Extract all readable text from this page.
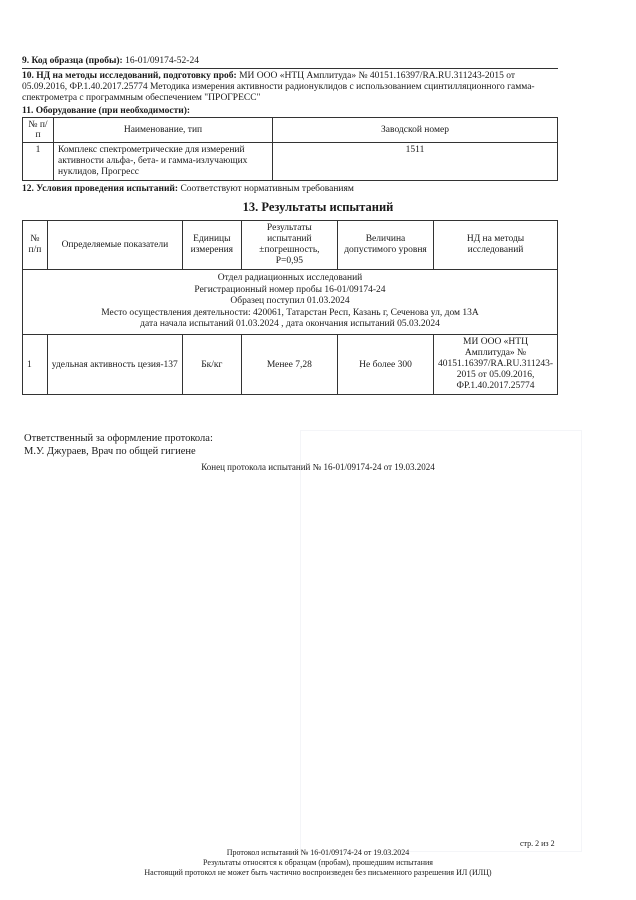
9. Код образца (пробы): 16-01/09174-52-24
10. НД на методы исследований, подготовку проб: МИ ООО «НТЦ Амплитуда» № 40151.16397/RA.RU.311243-2015 от 05.09.2016, ФР.1.40.2017.25774 Методика измерения активности радионуклидов с использованием сцинтилляционного гамма-спектрометра с программным обеспечением "ПРОГРЕСС"
11. Оборудование (при необходимости):
№ п/п	Наименование, тип	Заводской номер
1	Комплекс спектрометрические для измерений активности альфа-, бета- и гамма-излучающих нуклидов, Прогресс	1511
12. Условия проведения испытаний: Соответствуют нормативным требованиям
13. Результаты испытаний
№ п/п	Определяемые показатели	Единицы измерения	Результаты испытаний ±погрешность, P=0,95	Величина допустимого уровня	НД на методы исследований

Отдел радиационных исследований
Регистрационный номер пробы 16-01/09174-24
Образец поступил 01.03.2024
Место осуществления деятельности: 420061, Татарстан Респ, Казань г, Сеченова ул, дом 13А
дата начала испытаний 01.03.2024 , дата окончания испытаний 05.03.2024					

1	удельная активность цезия-137	Бк/кг	Менее 7,28	Не более 300	МИ ООО «НТЦ Амплитуда» № 40151.16397/RA.RU.311243-2015 от 05.09.2016, ФР.1.40.2017.25774
Ответственный за оформление протокола:
М.У. Джураев, Врач по общей гигиене
Конец протокола испытаний № 16-01/09174-24 от 19.03.2024
стр. 2 из 2
Протокол испытаний № 16-01/09174-24 от 19.03.2024
Результаты относятся к образцам (пробам), прошедшим испытания
Настоящий протокол не может быть частично воспроизведен без письменного разрешения ИЛ (ИЛЦ)
